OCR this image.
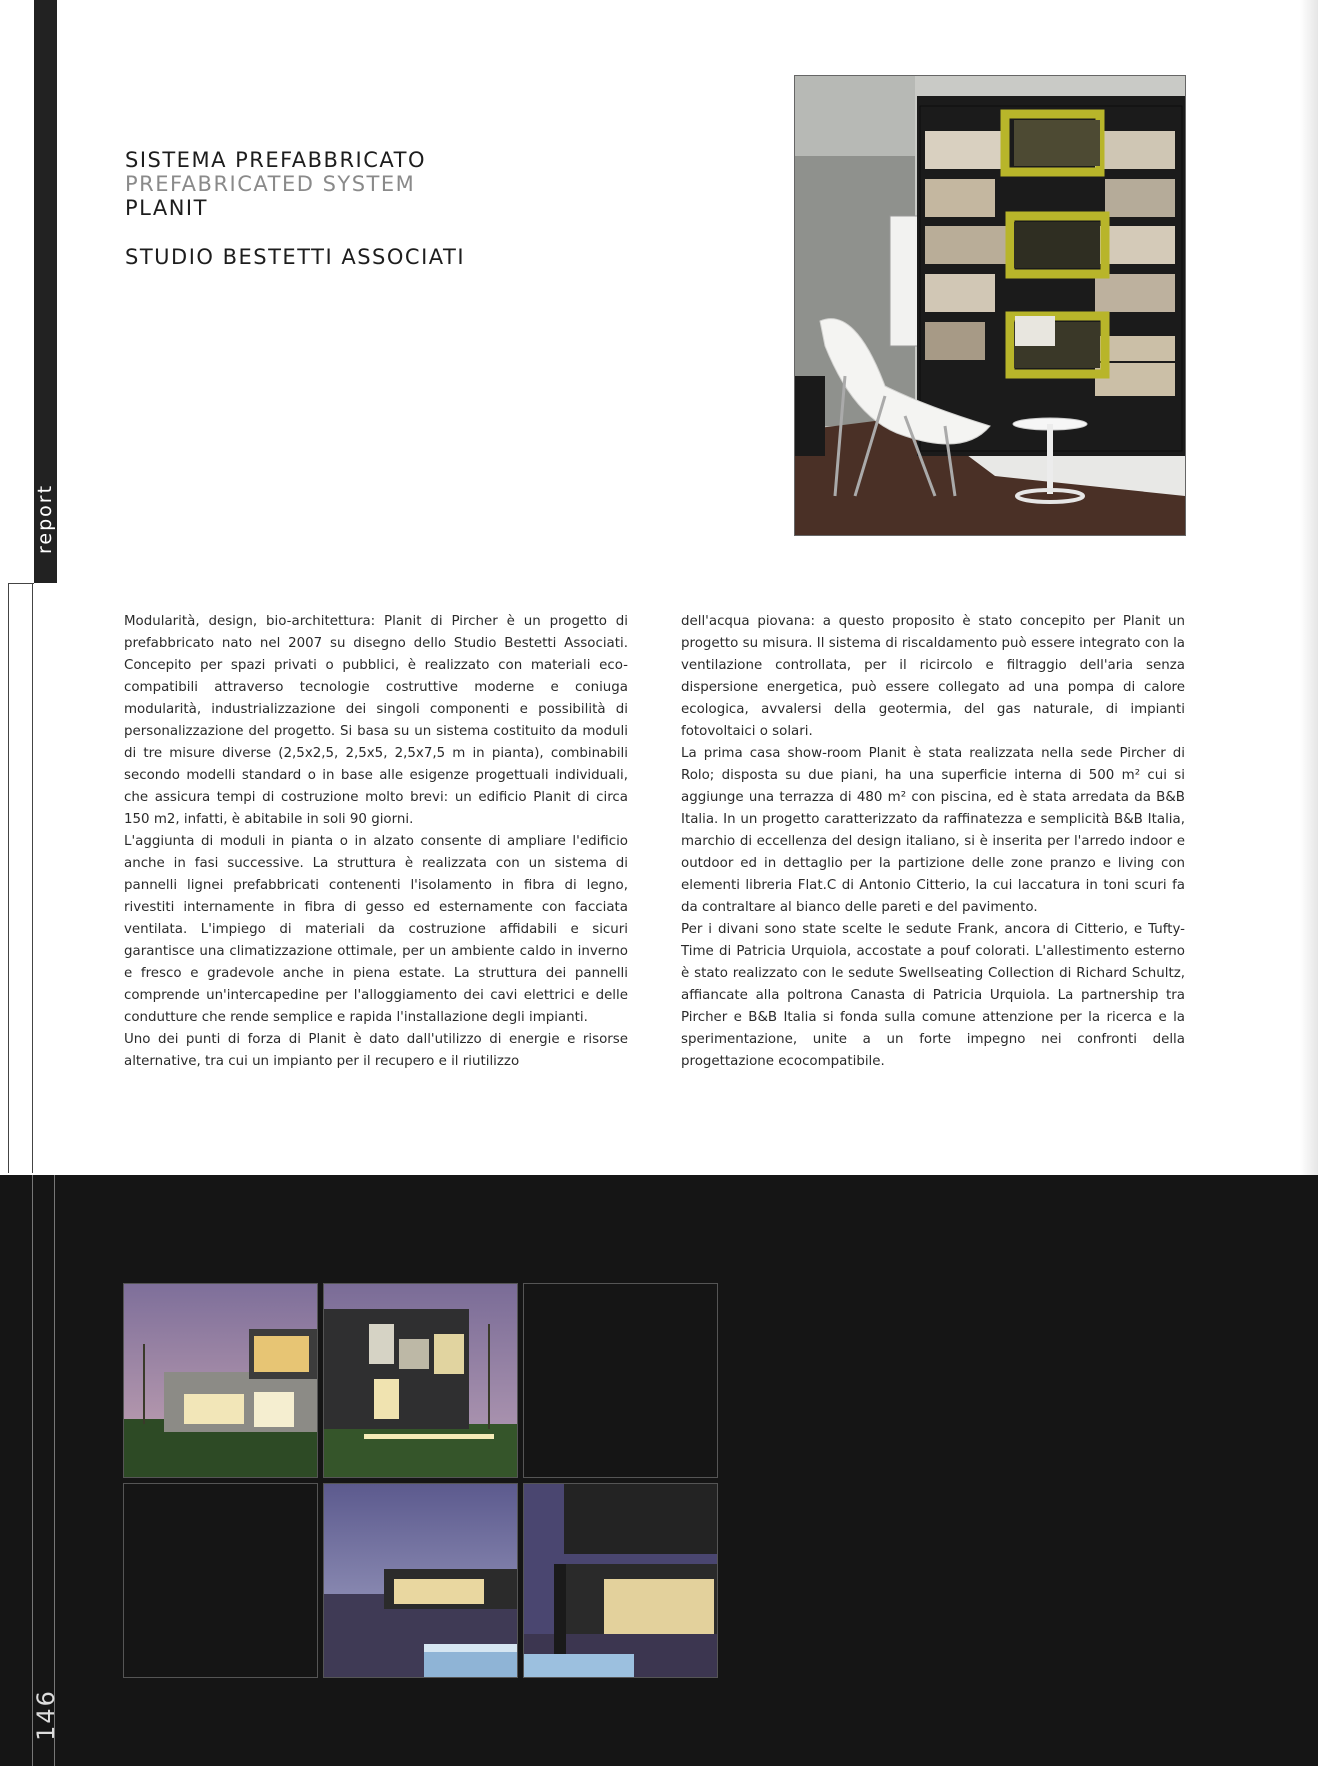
report
SISTEMA PREFABBRICATO
PREFABRICATED SYSTEM
PLANIT
STUDIO BESTETTI ASSOCIATI

Modularità, design, bio-architettura: Planit di Pircher è un progetto di prefabbricato nato nel 2007 su disegno dello Studio Bestetti Associati. Concepito per spazi privati o pubblici, è realizzato con materiali eco-compatibili attraverso tecnologie costruttive moderne e coniuga modularità, industrializzazione dei singoli componenti e possibilità di personalizzazione del progetto. Si basa su un sistema costituito da moduli di tre misure diverse (2,5x2,5, 2,5x5, 2,5x7,5 m in pianta), combinabili secondo modelli standard o in base alle esigenze progettuali individuali, che assicura tempi di costruzione molto brevi: un edificio Planit di circa 150 m2, infatti, è abitabile in soli 90 giorni.

L'aggiunta di moduli in pianta o in alzato consente di ampliare l'edificio anche in fasi successive. La struttura è realizzata con un sistema di pannelli lignei prefabbricati contenenti l'isolamento in fibra di legno, rivestiti internamente in fibra di gesso ed esternamente con facciata ventilata. L'impiego di materiali da costruzione affidabili e sicuri garantisce una climatizzazione ottimale, per un ambiente caldo in inverno e fresco e gradevole anche in piena estate. La struttura dei pannelli comprende un'intercapedine per l'alloggiamento dei cavi elettrici e delle condutture che rende semplice e rapida l'installazione degli impianti.

Uno dei punti di forza di Planit è dato dall'utilizzo di energie e risorse alternative, tra cui un impianto per il recupero e il riutilizzo

dell'acqua piovana: a questo proposito è stato concepito per Planit un progetto su misura. Il sistema di riscaldamento può essere integrato con la ventilazione controllata, per il ricircolo e filtraggio dell'aria senza dispersione energetica, può essere collegato ad una pompa di calore ecologica, avvalersi della geotermia, del gas naturale, di impianti fotovoltaici o solari.

La prima casa show-room Planit è stata realizzata nella sede Pircher di Rolo; disposta su due piani, ha una superficie interna di 500 m² cui si aggiunge una terrazza di 480 m² con piscina, ed è stata arredata da B&B Italia. In un progetto caratterizzato da raffinatezza e semplicità B&B Italia, marchio di eccellenza del design italiano, si è inserita per l'arredo indoor e outdoor ed in dettaglio per la partizione delle zone pranzo e living con elementi libreria Flat.C di Antonio Citterio, la cui laccatura in toni scuri fa da contraltare al bianco delle pareti e del pavimento.

Per i divani sono state scelte le sedute Frank, ancora di Citterio, e Tufty-Time di Patricia Urquiola, accostate a pouf colorati. L'allestimento esterno è stato realizzato con le sedute Swellseating Collection di Richard Schultz, affiancate alla poltrona Canasta di Patricia Urquiola. La partnership tra Pircher e B&B Italia si fonda sulla comune attenzione per la ricerca e la sperimentazione, unite a un forte impegno nei confronti della progettazione ecocompatibile.

146
